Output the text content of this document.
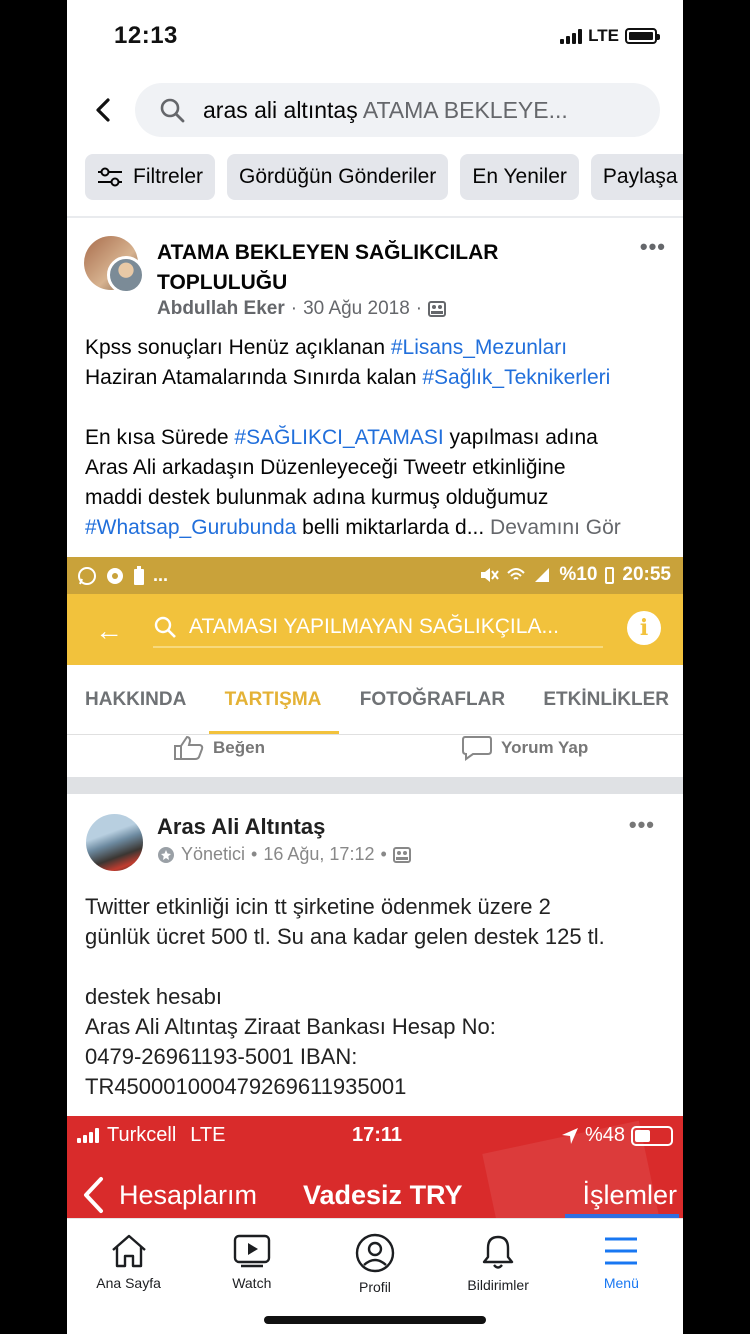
12:13	LTE
aras ali altıntaş ATAMA BEKLEYE...
Filtreler Gördüğün Gönderiler En Yeniler Paylaşa
ATAMA BEKLEYEN SAĞLIKCILAR TOPLULUĞU
•••
Abdullah Eker · 30 Ağu 2018 ·

Kpss sonuçları Henüz açıklanan #Lisans_Mezunları

Haziran Atamalarında Sınırda kalan #Sağlık_Teknikerleri

En kısa Sürede #SAĞLIKCI_ATAMASI yapılması adına

Aras Ali arkadaşın Düzenleyeceği Tweetr etkinliğine

maddi destek bulunmak adına kurmuş olduğumuz

#Whatsap_Gurubunda belli miktarlarda d... Devamını Gör

...	%10 20:55
←	ATAMASI YAPILMAYAN SAĞLIKÇILA...	i
HAKKINDA TARTIŞMA FOTOĞRAFLAR ETKİNLİKLER
Beğen	Yorum Yap
Aras Ali Altıntaş	•••
Yönetici • 16 Ağu, 17:12 •

Twitter etkinliği icin tt şirketine ödenmek üzere 2

günlük ücret 500 tl. Su ana kadar gelen destek 125 tl.

destek hesabı

Aras Ali Altıntaş Ziraat Bankası Hesap No:

0479-26961193-5001 IBAN:

TR450001000479269611935001

Turkcell LTE	17:11	%48
Hesaplarım Vadesiz TRY	İşlemler
Ana Sayfa	Watch	Profil	Bildirimler	Menü
